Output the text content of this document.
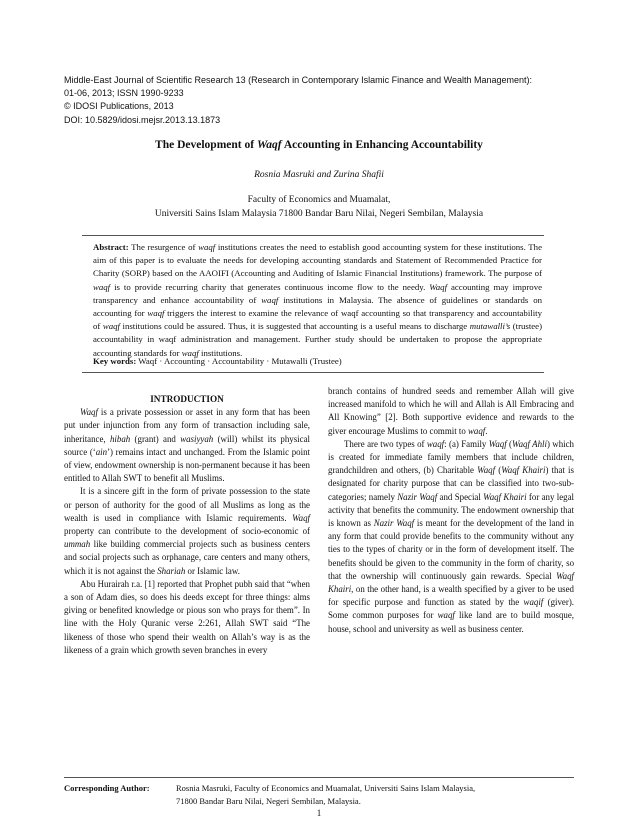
Middle-East Journal of Scientific Research 13 (Research in Contemporary Islamic Finance and Wealth Management):
01-06, 2013; ISSN 1990-9233
© IDOSI Publications, 2013
DOI: 10.5829/idosi.mejsr.2013.13.1873
The Development of Waqf Accounting in Enhancing Accountability
Rosnia Masruki and Zurina Shafii
Faculty of Economics and Muamalat,
Universiti Sains Islam Malaysia 71800 Bandar Baru Nilai, Negeri Sembilan, Malaysia
Abstract: The resurgence of waqf institutions creates the need to establish good accounting system for these institutions. The aim of this paper is to evaluate the needs for developing accounting standards and Statement of Recommended Practice for Charity (SORP) based on the AAOIFI (Accounting and Auditing of Islamic Financial Institutions) framework. The purpose of waqf is to provide recurring charity that generates continuous income flow to the needy. Waqf accounting may improve transparency and enhance accountability of waqf institutions in Malaysia. The absence of guidelines or standards on accounting for waqf triggers the interest to examine the relevance of waqf accounting so that transparency and accountability of waqf institutions could be assured. Thus, it is suggested that accounting is a useful means to discharge mutawalli’s (trustee) accountability in waqf administration and management. Further study should be undertaken to propose the appropriate accounting standards for waqf institutions.
Key words: Waqf · Accounting · Accountability · Mutawalli (Trustee)

INTRODUCTION

Waqf is a private possession or asset in any form that has been put under injunction from any form of transaction including sale, inheritance, hibah (grant) and wasiyyah (will) whilst its physical source (‘ain’) remains intact and unchanged. From the Islamic point of view, endowment ownership is non-permanent because it has been entitled to Allah SWT to benefit all Muslims.

It is a sincere gift in the form of private possession to the state or person of authority for the good of all Muslims as long as the wealth is used in compliance with Islamic requirements. Waqf property can contribute to the development of socio-economic of ummah like building commercial projects such as business centers and social projects such as orphanage, care centers and many others, which it is not against the Shariah or Islamic law.

Abu Hurairah r.a. [1] reported that Prophet pubh said that “when a son of Adam dies, so does his deeds except for three things: alms giving or benefited knowledge or pious son who prays for them”. In line with the Holy Quranic verse 2:261, Allah SWT said “The likeness of those who spend their wealth on Allah’s way is as the likeness of a grain which growth seven branches in every

branch contains of hundred seeds and remember Allah will give increased manifold to which he will and Allah is All Embracing and All Knowing” [2]. Both supportive evidence and rewards to the giver encourage Muslims to commit to waqf.

There are two types of waqf: (a) Family Waqf (Waqf Ahli) which is created for immediate family members that include children, grandchildren and others, (b) Charitable Waqf (Waqf Khairi) that is designated for charity purpose that can be classified into two-sub-categories; namely Nazir Waqf and Special Waqf Khairi for any legal activity that benefits the community. The endowment ownership that is known as Nazir Waqf is meant for the development of the land in any form that could provide benefits to the community without any ties to the types of charity or in the form of development itself. The benefits should be given to the community in the form of charity, so that the ownership will continuously gain rewards. Special Waqf Khairi, on the other hand, is a wealth specified by a giver to be used for specific purpose and function as stated by the waqif (giver). Some common purposes for waqf like land are to build mosque, house, school and university as well as business center.

Corresponding Author:	Rosnia Masruki, Faculty of Economics and Muamalat, Universiti Sains Islam Malaysia,
71800 Bandar Baru Nilai, Negeri Sembilan, Malaysia.
1
